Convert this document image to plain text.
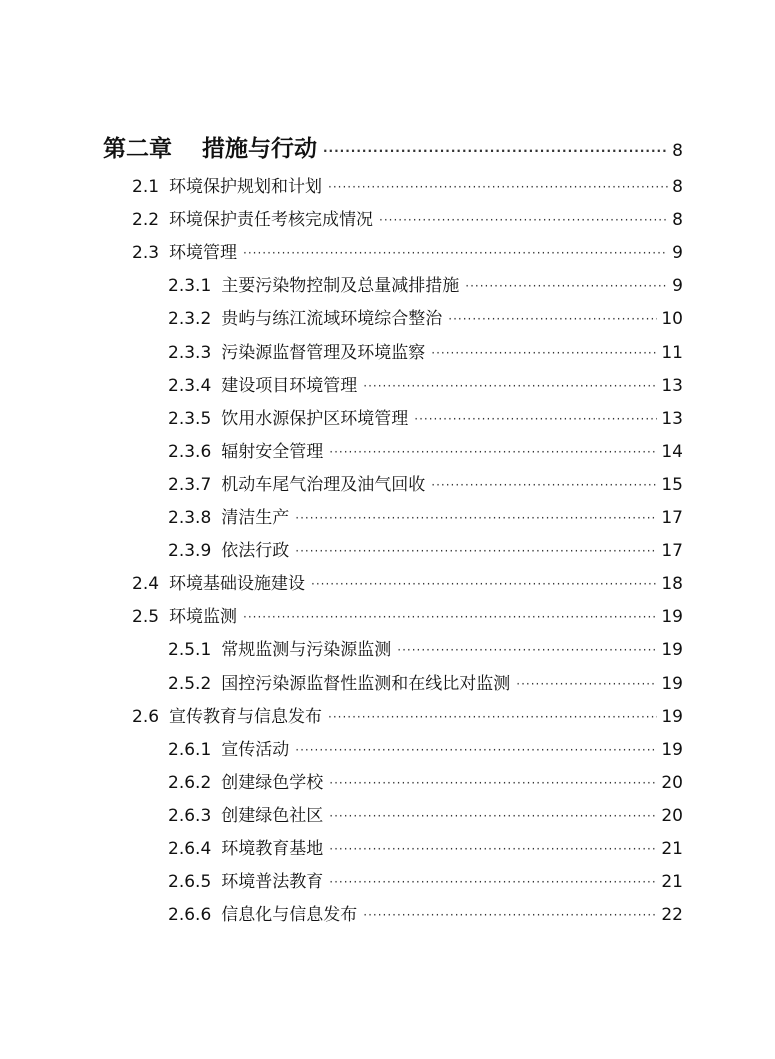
第二章 措施与行动 ·····	8
2.1 环境保护规划和计划 ·····	8
2.2 环境保护责任考核完成情况 ·····	8
2.3 环境管理 ·····	9
2.3.1 主要污染物控制及总量减排措施 ·····	9
2.3.2 贵屿与练江流域环境综合整治 ·····	10
2.3.3 污染源监督管理及环境监察 ·····	11
2.3.4 建设项目环境管理 ·····	13
2.3.5 饮用水源保护区环境管理 ·····	13
2.3.6 辐射安全管理 ·····	14
2.3.7 机动车尾气治理及油气回收 ·····	15
2.3.8 清洁生产 ·····	17
2.3.9 依法行政 ·····	17
2.4 环境基础设施建设 ·····	18
2.5 环境监测 ·····	19
2.5.1 常规监测与污染源监测 ·····	19
2.5.2 国控污染源监督性监测和在线比对监测 ·····	19
2.6 宣传教育与信息发布 ·····	19
2.6.1 宣传活动 ·····	19
2.6.2 创建绿色学校 ·····	20
2.6.3 创建绿色社区 ·····	20
2.6.4 环境教育基地 ·····	21
2.6.5 环境普法教育 ·····	21
2.6.6 信息化与信息发布 ·····	22
